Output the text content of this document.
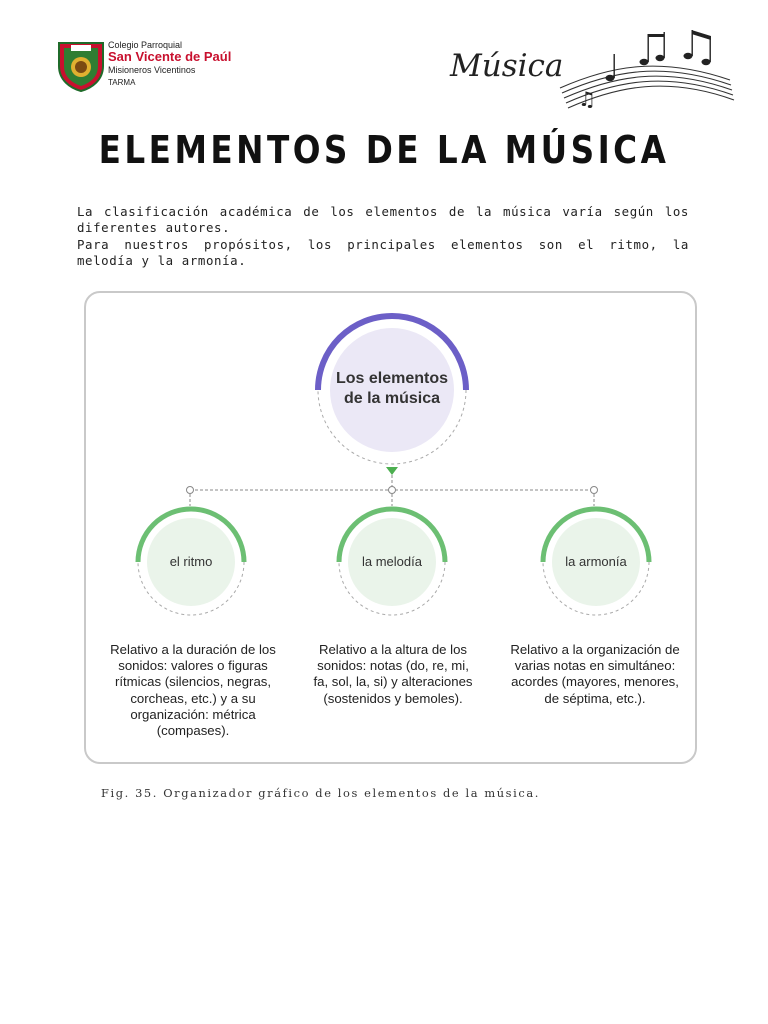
Colegio Parroquial
San Vicente de Paúl
Misioneros Vicentinos
TARMA
♫
Música
ELEMENTOS DE LA MÚSICA

La clasificación académica de los elementos de la música varía según los diferentes autores.

Para nuestros propósitos, los principales elementos son el ritmo, la melodía y la armonía.

Los elementos
de la música
el ritmo	la melodía	la armonía
Relativo a la duración de los sonidos: valores o figuras rítmicas (silencios, negras, corcheas, etc.) y a su organización: métrica (compases).
Relativo a la altura de los sonidos: notas (do, re, mi, fa, sol, la, si) y alteraciones (sostenidos y bemoles).
Relativo a la organización de varias notas en simultáneo: acordes (mayores, menores, de séptima, etc.).

Fig. 35. Organizador gráfico de los elementos de la música.
